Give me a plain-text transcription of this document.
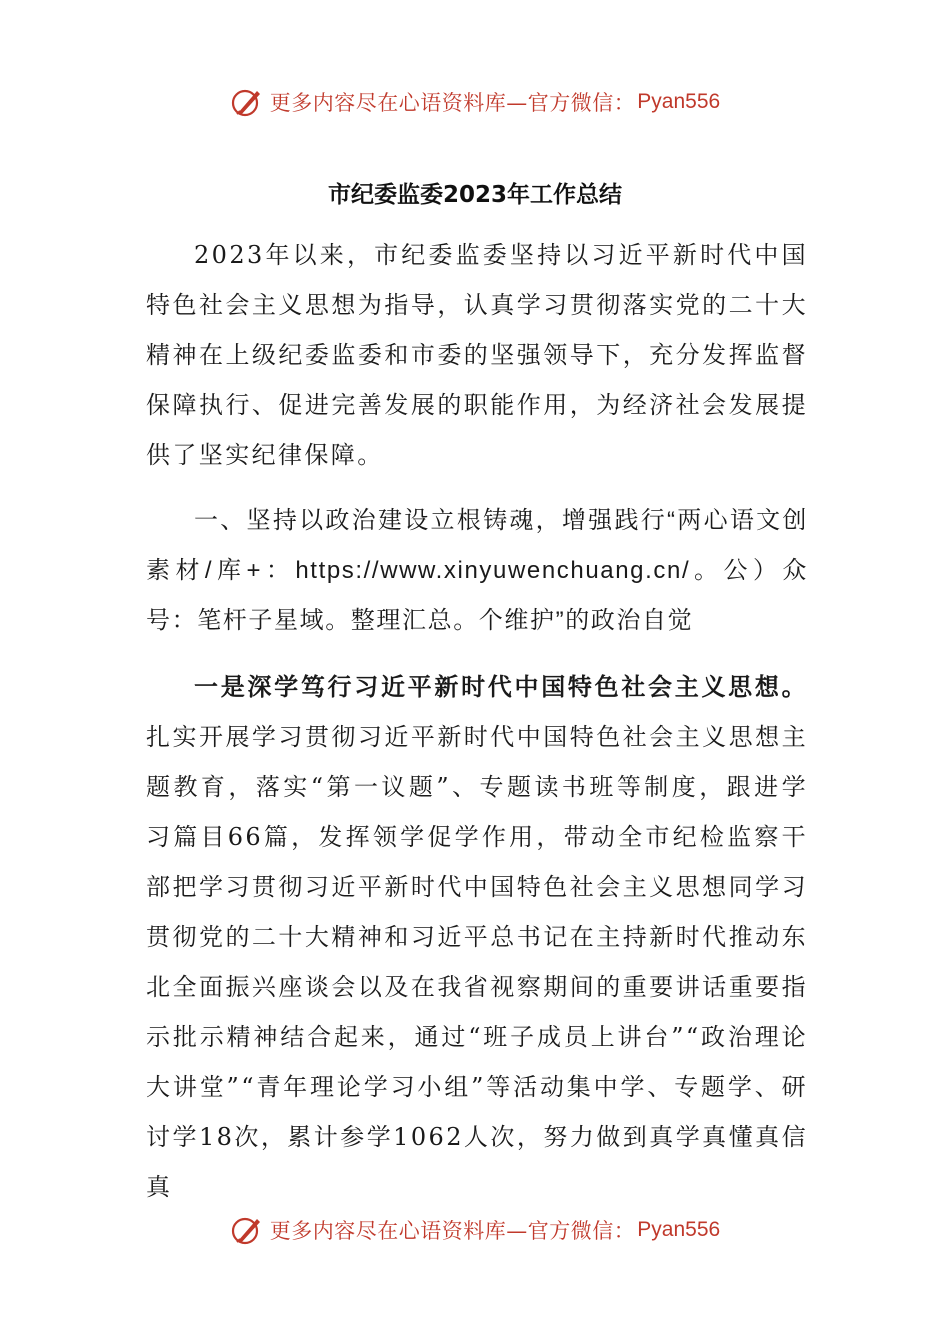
更多内容尽在心语资料库—官方微信： Pyan556
市纪委监委2023年工作总结

2023年以来，市纪委监委坚持以习近平新时代中国特色社会主义思想为指导，认真学习贯彻落实党的二十大精神在上级纪委监委和市委的坚强领导下，充分发挥监督保障执行、促进完善发展的职能作用，为经济社会发展提供了坚实纪律保障。

一、坚持以政治建设立根铸魂，增强践行“两心语文创素材/库+：https://www.xinyuwenchuang.cn/。公）众号：笔杆子星域。整理汇总。个维护”的政治自觉

一是深学笃行习近平新时代中国特色社会主义思想。扎实开展学习贯彻习近平新时代中国特色社会主义思想主题教育，落实“第一议题”、专题读书班等制度，跟进学习篇目66篇，发挥领学促学作用，带动全市纪检监察干部把学习贯彻习近平新时代中国特色社会主义思想同学习贯彻党的二十大精神和习近平总书记在主持新时代推动东北全面振兴座谈会以及在我省视察期间的重要讲话重要指示批示精神结合起来，通过“班子成员上讲台”“政治理论大讲堂”“青年理论学习小组”等活动集中学、专题学、研讨学18次，累计参学1062人次，努力做到真学真懂真信真

更多内容尽在心语资料库—官方微信： Pyan556
